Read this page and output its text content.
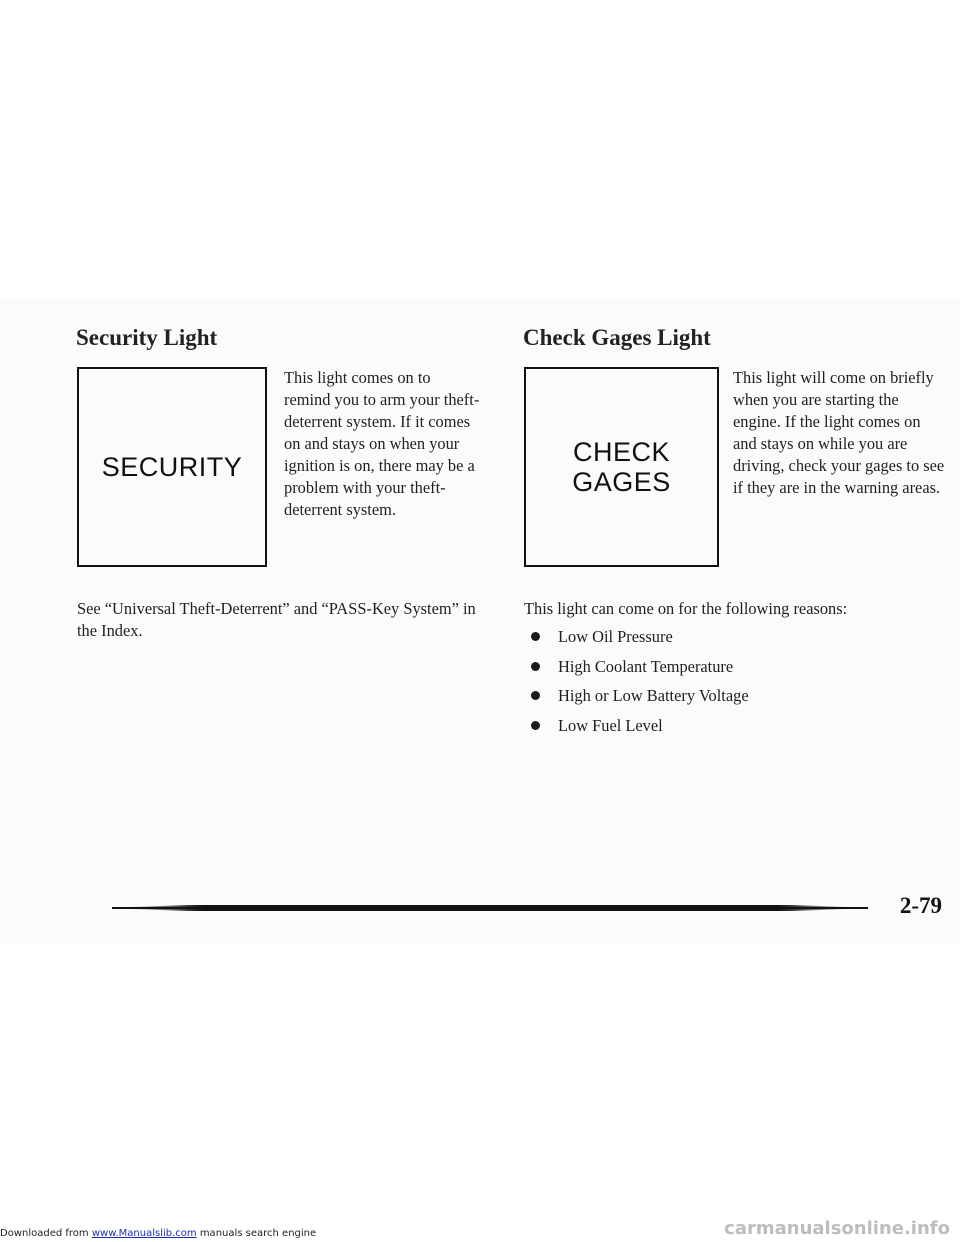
Security Light
SECURITY

This light comes on to remind you to arm your theft-deterrent system. If it comes on and stays on when your ignition is on, there may be a problem with your theft-deterrent system.

See “Universal Theft-Deterrent” and “PASS-Key System” in the Index.

Check Gages Light
CHECK
GAGES

This light will come on briefly when you are starting the engine. If the light comes on and stays on while you are driving, check your gages to see if they are in the warning areas.

This light can come on for the following reasons:

Low Oil Pressure
High Coolant Temperature
High or Low Battery Voltage
Low Fuel Level

2-79

Downloaded from www.Manualslib.com manuals search engine	carmanualsonline.info
